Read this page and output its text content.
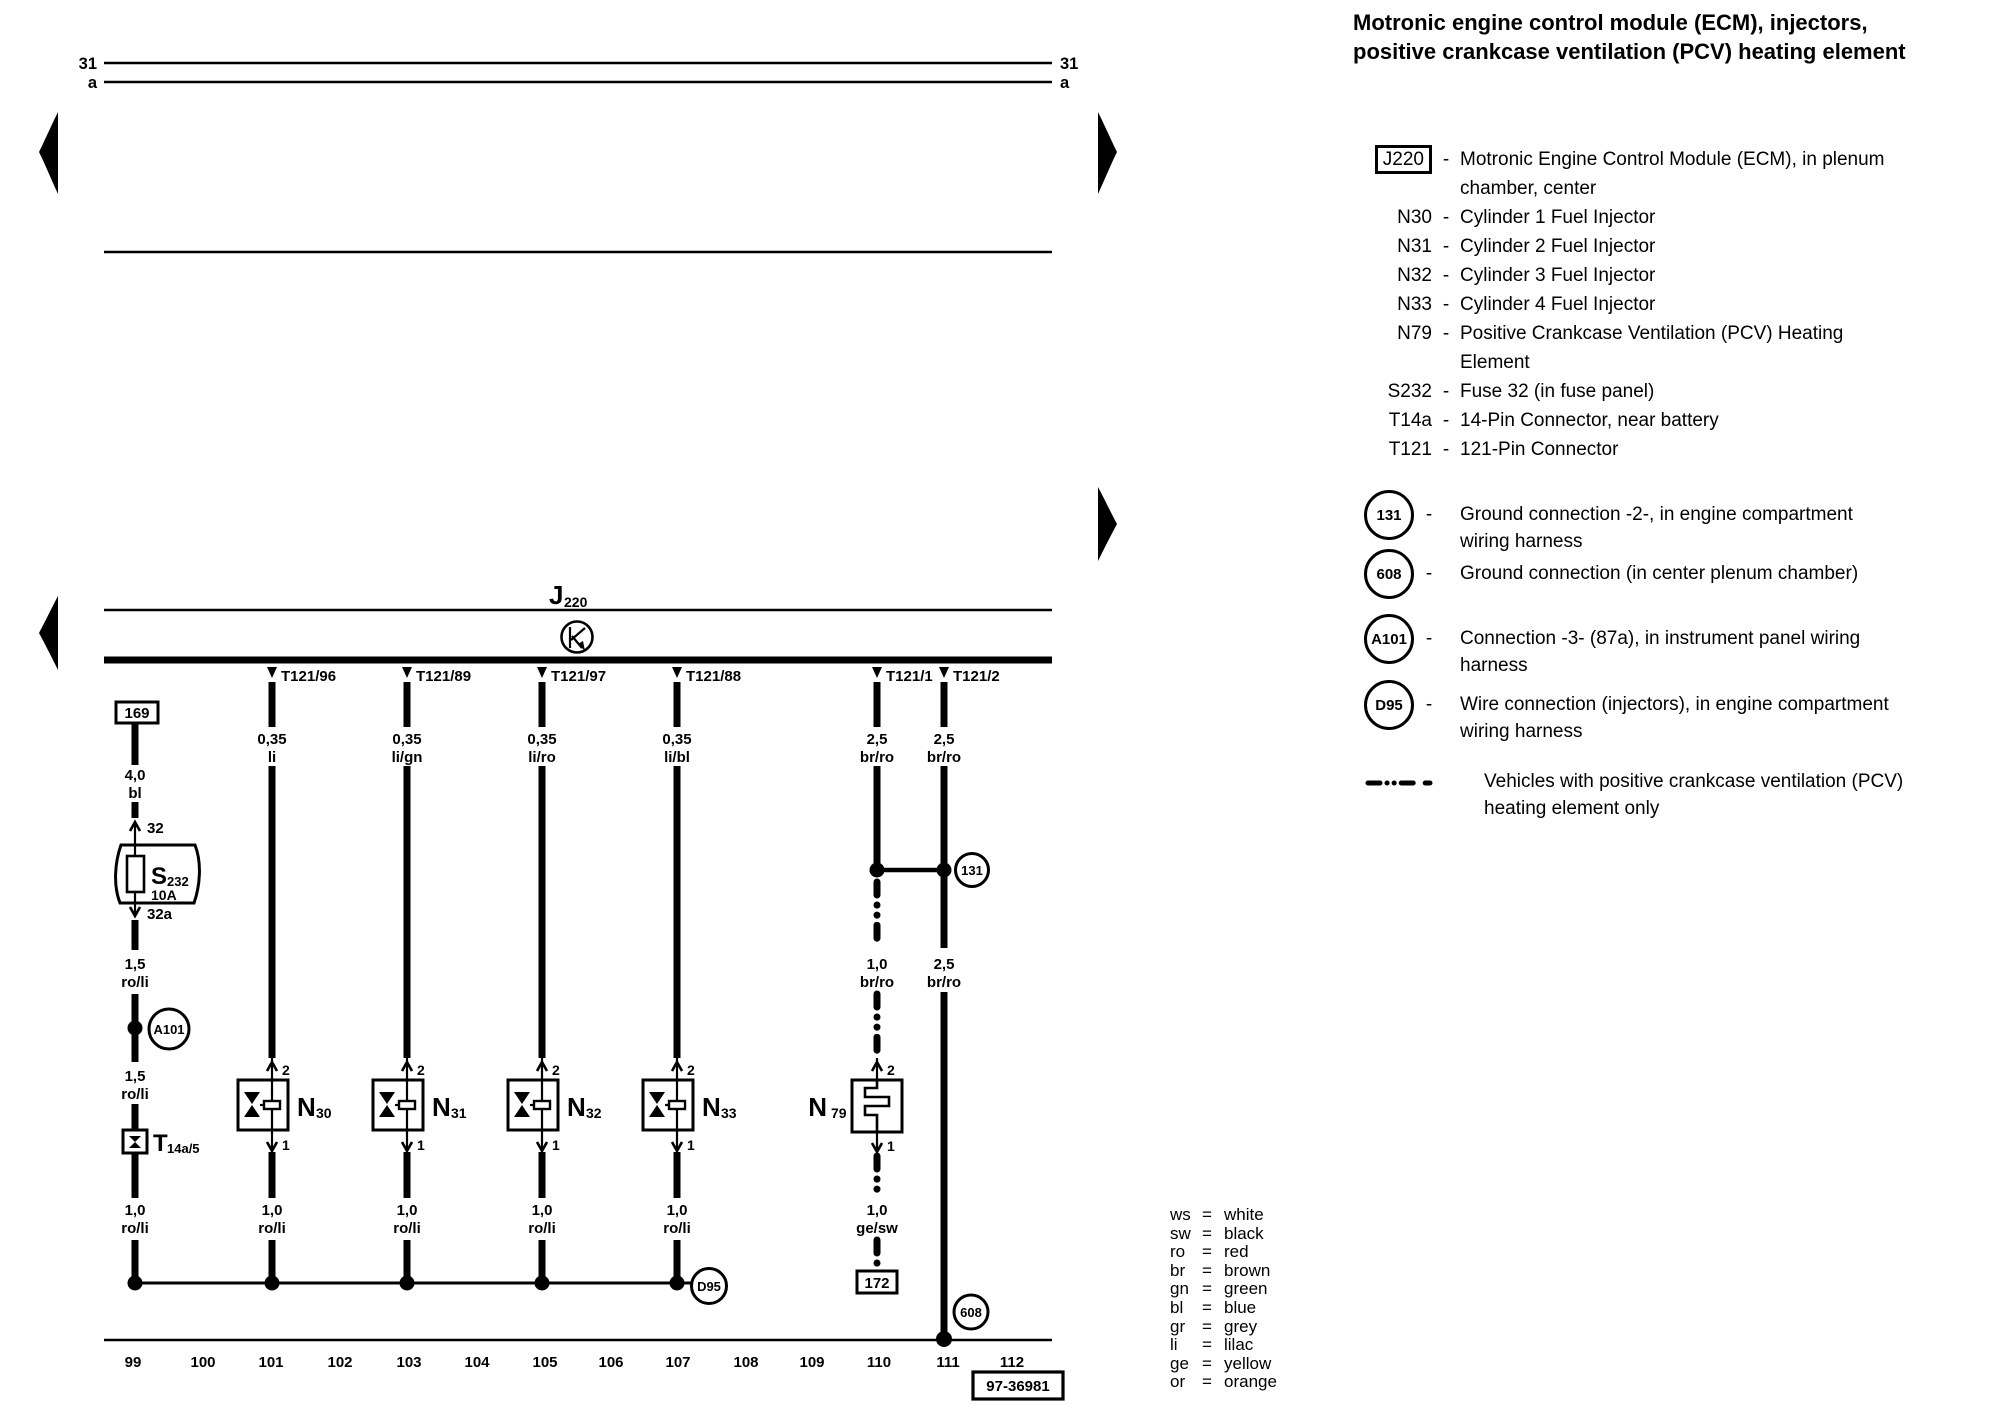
31	31
a	a
J 220
169
4,0
bl
32
S 232
10A
32a
1,5
ro/li
A101
1,5
ro/li
T 14a/5
1,0
ro/li
T121/96
0,35
li
2
N 30
1
1,0
ro/li
T121/89
0,35
li/gn
2
N 31
1
1,0
ro/li
T121/97
0,35
li/ro
2
N 32
1
1,0
ro/li
T121/88
0,35
li/bl
2
N 33
1
1,0
ro/li
D95
T121/1
2,5
br/ro
131
1,0
br/ro
2
N 79
1
1,0
ge/sw
172
T121/2
2,5
br/ro
2,5
br/ro
608
99	100	101	102	103	104	105	106	107	108	109	110	111	112
97-36981
Motronic engine control module (ECM), injectors, positive crankcase ventilation (PCV) heating element
J220 -	Motronic Engine Control Module (ECM), in plenum chamber, center
N30 - Cylinder 1 Fuel Injector
N31 - Cylinder 2 Fuel Injector
N32 - Cylinder 3 Fuel Injector
N33 - Cylinder 4 Fuel Injector
N79 - Positive Crankcase Ventilation (PCV) Heating Element
S232 - Fuse 32 (in fuse panel)
T14a - 14-Pin Connector, near battery
T121 - 121-Pin Connector
131 -	Ground connection -2-, in engine compartment wiring harness
608 -	Ground connection (in center plenum chamber)
A101 -	Connection -3- (87a), in instrument panel wiring harness
D95 -	Wire connection (injectors), in engine compartment wiring harness
Vehicles with positive crankcase ventilation (PCV) heating element only
ws =	white
sw =	black
ro =	red
br =	brown
gn =	green
bl =	blue
gr =	grey
li =	lilac
ge =	yellow
or =	orange
